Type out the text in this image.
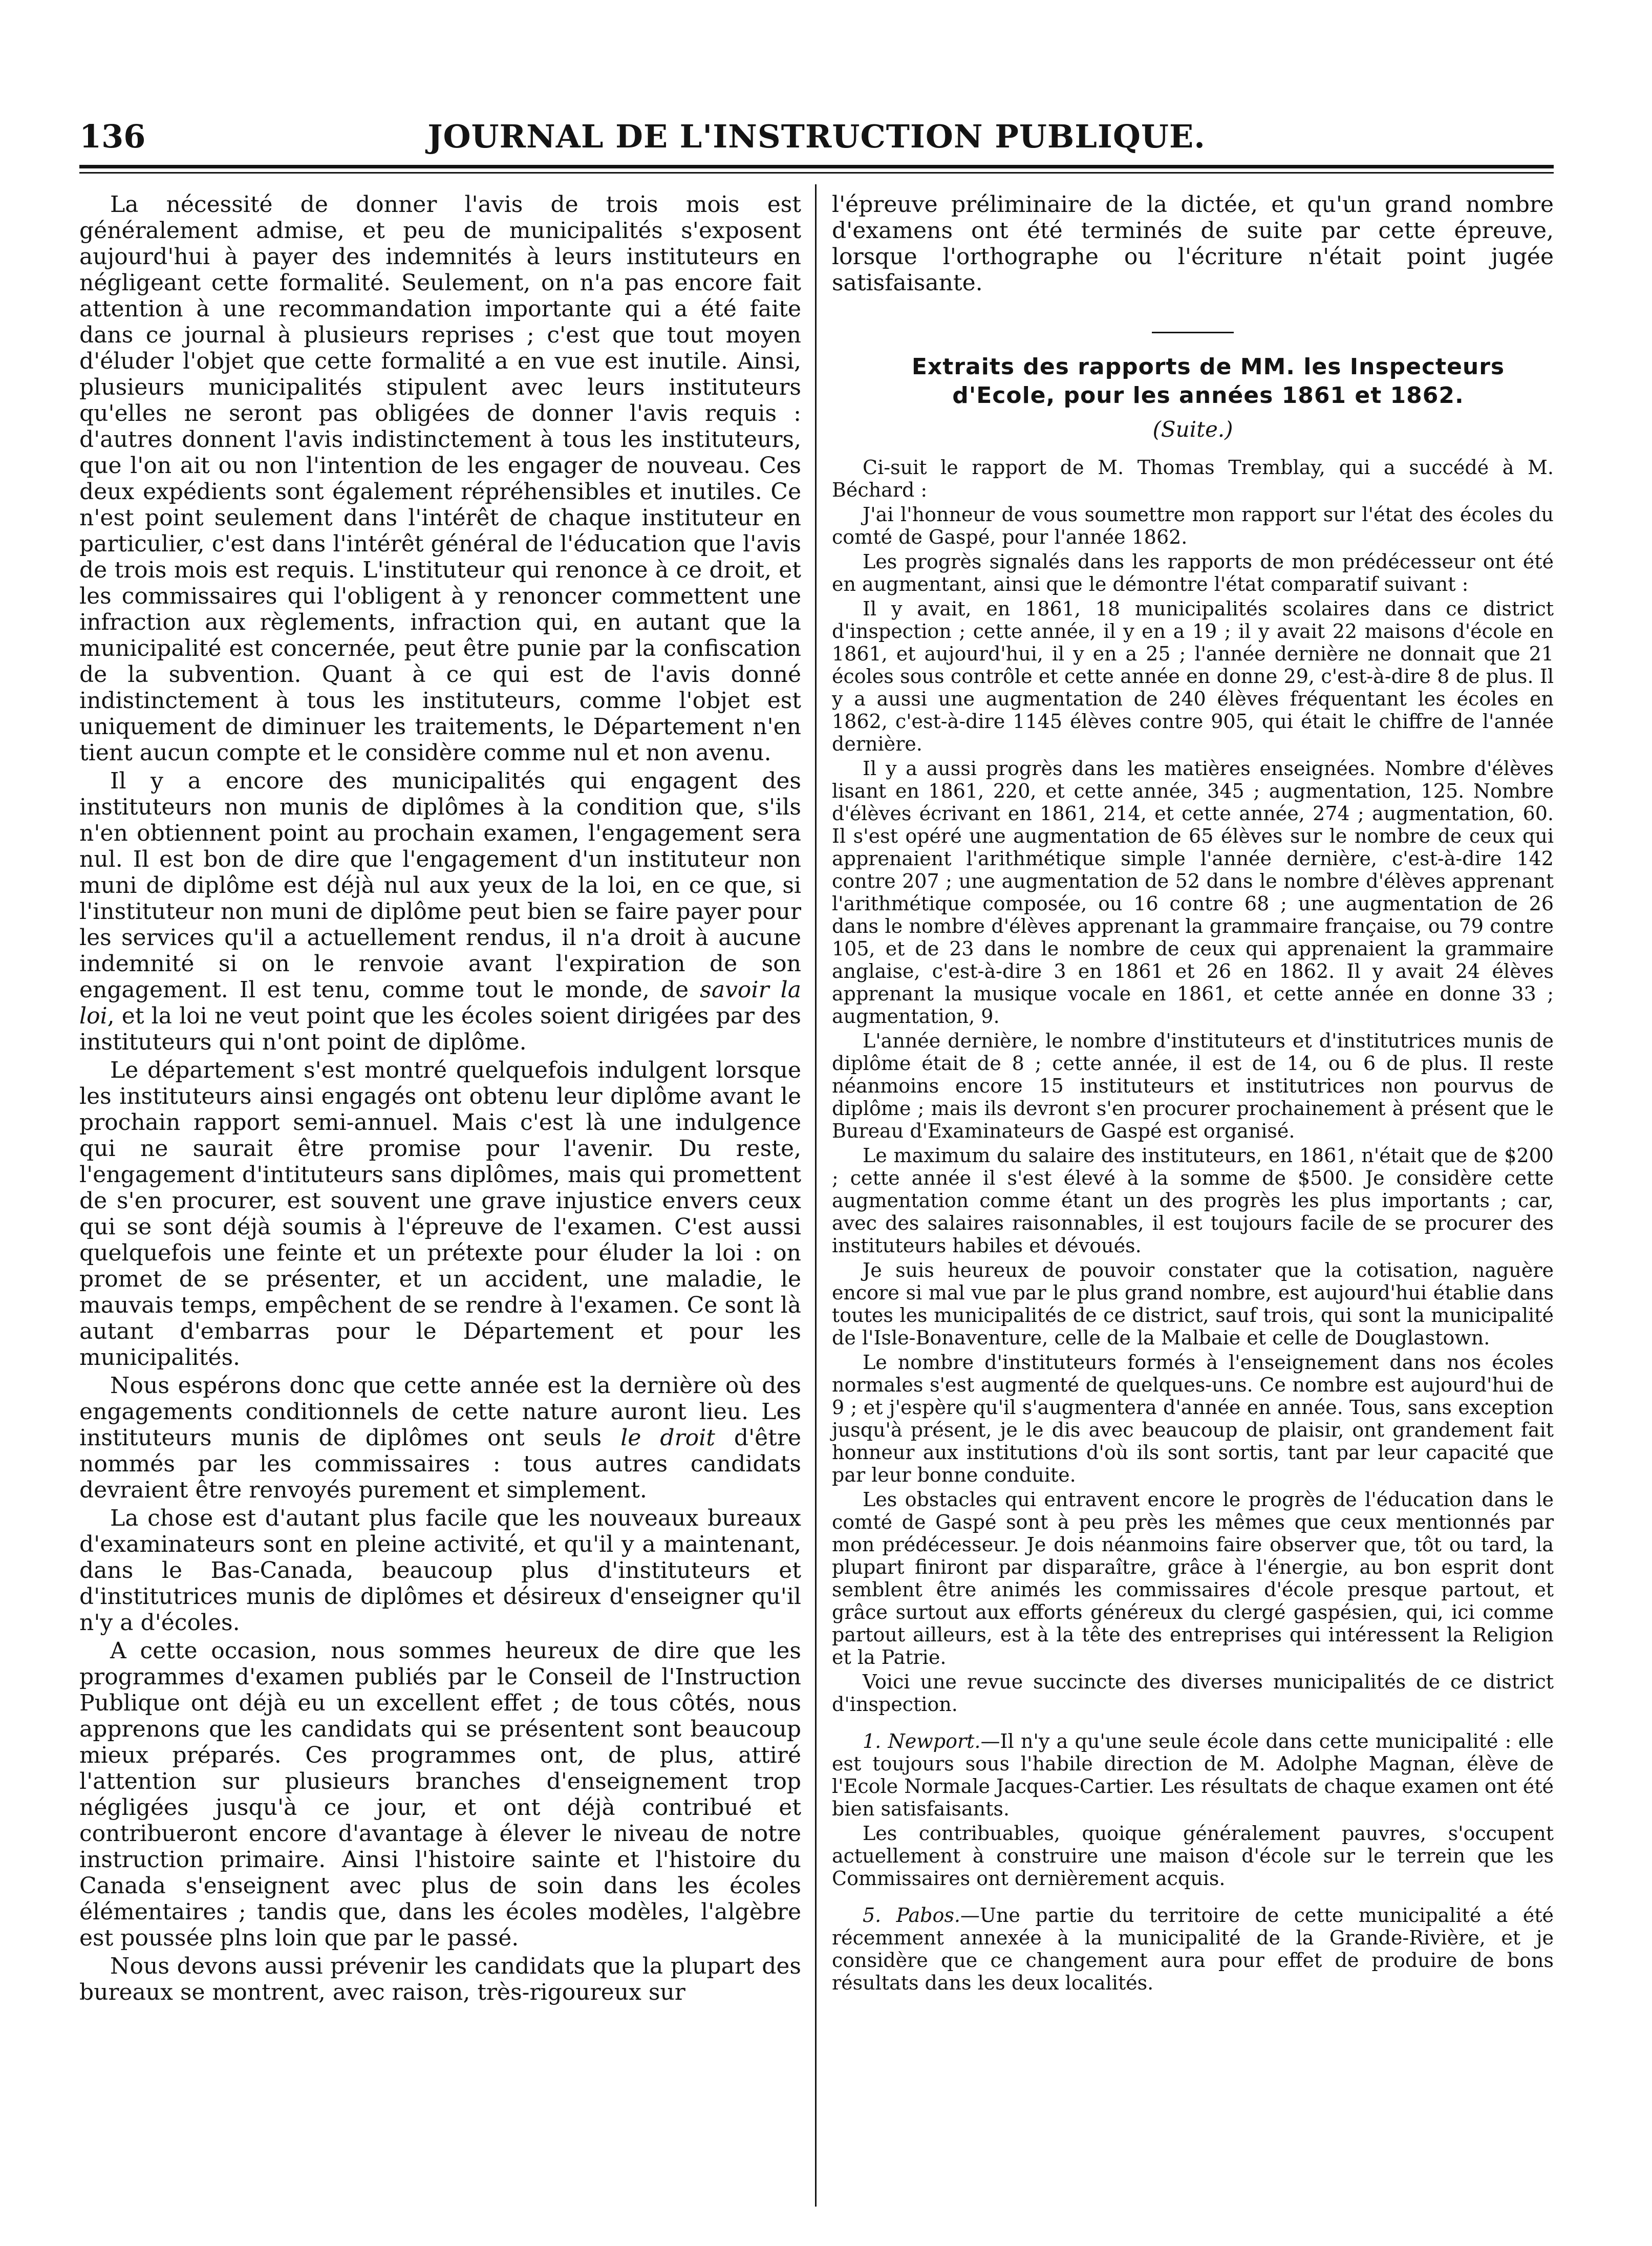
136	JOURNAL DE L'INSTRUCTION PUBLIQUE.

La nécessité de donner l'avis de trois mois est généralement admise, et peu de municipalités s'exposent aujourd'hui à payer des indemnités à leurs instituteurs en négligeant cette formalité. Seulement, on n'a pas encore fait attention à une recommandation importante qui a été faite dans ce journal à plusieurs reprises ; c'est que tout moyen d'éluder l'objet que cette formalité a en vue est inutile. Ainsi, plusieurs municipalités stipulent avec leurs instituteurs qu'elles ne seront pas obligées de donner l'avis requis : d'autres donnent l'avis indistinctement à tous les instituteurs, que l'on ait ou non l'intention de les engager de nouveau. Ces deux expédients sont également répréhensibles et inutiles. Ce n'est point seulement dans l'intérêt de chaque instituteur en particulier, c'est dans l'intérêt général de l'éducation que l'avis de trois mois est requis. L'instituteur qui renonce à ce droit, et les commissaires qui l'obligent à y renoncer commettent une infraction aux règlements, infraction qui, en autant que la municipalité est concernée, peut être punie par la confiscation de la subvention. Quant à ce qui est de l'avis donné indistinctement à tous les instituteurs, comme l'objet est uniquement de diminuer les traitements, le Département n'en tient aucun compte et le considère comme nul et non avenu.

Il y a encore des municipalités qui engagent des instituteurs non munis de diplômes à la condition que, s'ils n'en obtiennent point au prochain examen, l'engagement sera nul. Il est bon de dire que l'engagement d'un instituteur non muni de diplôme est déjà nul aux yeux de la loi, en ce que, si l'instituteur non muni de diplôme peut bien se faire payer pour les services qu'il a actuellement rendus, il n'a droit à aucune indemnité si on le renvoie avant l'expiration de son engagement. Il est tenu, comme tout le monde, de savoir la loi, et la loi ne veut point que les écoles soient dirigées par des instituteurs qui n'ont point de diplôme.

Le département s'est montré quelquefois indulgent lorsque les instituteurs ainsi engagés ont obtenu leur diplôme avant le prochain rapport semi-annuel. Mais c'est là une indulgence qui ne saurait être promise pour l'avenir. Du reste, l'engagement d'intituteurs sans diplômes, mais qui promettent de s'en procurer, est souvent une grave injustice envers ceux qui se sont déjà soumis à l'épreuve de l'examen. C'est aussi quelquefois une feinte et un prétexte pour éluder la loi : on promet de se présenter, et un accident, une maladie, le mauvais temps, empêchent de se rendre à l'examen. Ce sont là autant d'embarras pour le Département et pour les municipalités.

Nous espérons donc que cette année est la dernière où des engagements conditionnels de cette nature auront lieu. Les instituteurs munis de diplômes ont seuls le droit d'être nommés par les commissaires : tous autres candidats devraient être renvoyés purement et simplement.

La chose est d'autant plus facile que les nouveaux bureaux d'examinateurs sont en pleine activité, et qu'il y a maintenant, dans le Bas-Canada, beaucoup plus d'instituteurs et d'institutrices munis de diplômes et désireux d'enseigner qu'il n'y a d'écoles.

A cette occasion, nous sommes heureux de dire que les programmes d'examen publiés par le Conseil de l'Instruction Publique ont déjà eu un excellent effet ; de tous côtés, nous apprenons que les candidats qui se présentent sont beaucoup mieux préparés. Ces programmes ont, de plus, attiré l'attention sur plusieurs branches d'enseignement trop négligées jusqu'à ce jour, et ont déjà contribué et contribueront encore d'avantage à élever le niveau de notre instruction primaire. Ainsi l'histoire sainte et l'histoire du Canada s'enseignent avec plus de soin dans les écoles élémentaires ; tandis que, dans les écoles modèles, l'algèbre est poussée plns loin que par le passé.

Nous devons aussi prévenir les candidats que la plupart des bureaux se montrent, avec raison, très-rigoureux sur

l'épreuve préliminaire de la dictée, et qu'un grand nombre d'examens ont été terminés de suite par cette épreuve, lorsque l'orthographe ou l'écriture n'était point jugée satisfaisante.

Extraits des rapports de MM. les Inspecteurs

d'Ecole, pour les années 1861 et 1862.

(Suite.)

Ci-suit le rapport de M. Thomas Tremblay, qui a succédé à M. Béchard :

J'ai l'honneur de vous soumettre mon rapport sur l'état des écoles du comté de Gaspé, pour l'année 1862.

Les progrès signalés dans les rapports de mon prédécesseur ont été en augmentant, ainsi que le démontre l'état comparatif suivant :

Il y avait, en 1861, 18 municipalités scolaires dans ce district d'inspection ; cette année, il y en a 19 ; il y avait 22 maisons d'école en 1861, et aujourd'hui, il y en a 25 ; l'année dernière ne donnait que 21 écoles sous contrôle et cette année en donne 29, c'est-à-dire 8 de plus. Il y a aussi une augmentation de 240 élèves fréquentant les écoles en 1862, c'est-à-dire 1145 élèves contre 905, qui était le chiffre de l'année dernière.

Il y a aussi progrès dans les matières enseignées. Nombre d'élèves lisant en 1861, 220, et cette année, 345 ; augmentation, 125. Nombre d'élèves écrivant en 1861, 214, et cette année, 274 ; augmentation, 60. Il s'est opéré une augmentation de 65 élèves sur le nombre de ceux qui apprenaient l'arithmétique simple l'année dernière, c'est-à-dire 142 contre 207 ; une augmentation de 52 dans le nombre d'élèves apprenant l'arithmétique composée, ou 16 contre 68 ; une augmentation de 26 dans le nombre d'élèves apprenant la grammaire française, ou 79 contre 105, et de 23 dans le nombre de ceux qui apprenaient la grammaire anglaise, c'est-à-dire 3 en 1861 et 26 en 1862. Il y avait 24 élèves apprenant la musique vocale en 1861, et cette année en donne 33 ; augmentation, 9.

L'année dernière, le nombre d'instituteurs et d'institutrices munis de diplôme était de 8 ; cette année, il est de 14, ou 6 de plus. Il reste néanmoins encore 15 instituteurs et institutrices non pourvus de diplôme ; mais ils devront s'en procurer prochainement à présent que le Bureau d'Examinateurs de Gaspé est organisé.

Le maximum du salaire des instituteurs, en 1861, n'était que de $200 ; cette année il s'est élevé à la somme de $500. Je considère cette augmentation comme étant un des progrès les plus importants ; car, avec des salaires raisonnables, il est toujours facile de se procurer des instituteurs habiles et dévoués.

Je suis heureux de pouvoir constater que la cotisation, naguère encore si mal vue par le plus grand nombre, est aujourd'hui établie dans toutes les municipalités de ce district, sauf trois, qui sont la municipalité de l'Isle-Bonaventure, celle de la Malbaie et celle de Douglastown.

Le nombre d'instituteurs formés à l'enseignement dans nos écoles normales s'est augmenté de quelques-uns. Ce nombre est aujourd'hui de 9 ; et j'espère qu'il s'augmentera d'année en année. Tous, sans exception jusqu'à présent, je le dis avec beaucoup de plaisir, ont grandement fait honneur aux institutions d'où ils sont sortis, tant par leur capacité que par leur bonne conduite.

Les obstacles qui entravent encore le progrès de l'éducation dans le comté de Gaspé sont à peu près les mêmes que ceux mentionnés par mon prédécesseur. Je dois néanmoins faire observer que, tôt ou tard, la plupart finiront par disparaître, grâce à l'énergie, au bon esprit dont semblent être animés les commissaires d'école presque partout, et grâce surtout aux efforts généreux du clergé gaspésien, qui, ici comme partout ailleurs, est à la tête des entreprises qui intéressent la Religion et la Patrie.

Voici une revue succincte des diverses municipalités de ce district d'inspection.

1. Newport.—Il n'y a qu'une seule école dans cette municipalité : elle est toujours sous l'habile direction de M. Adolphe Magnan, élève de l'Ecole Normale Jacques-Cartier. Les résultats de chaque examen ont été bien satisfaisants.

Les contribuables, quoique généralement pauvres, s'occupent actuellement à construire une maison d'école sur le terrein que les Commissaires ont dernièrement acquis.

5. Pabos.—Une partie du territoire de cette municipalité a été récemment annexée à la municipalité de la Grande-Rivière, et je considère que ce changement aura pour effet de produire de bons résultats dans les deux localités.
